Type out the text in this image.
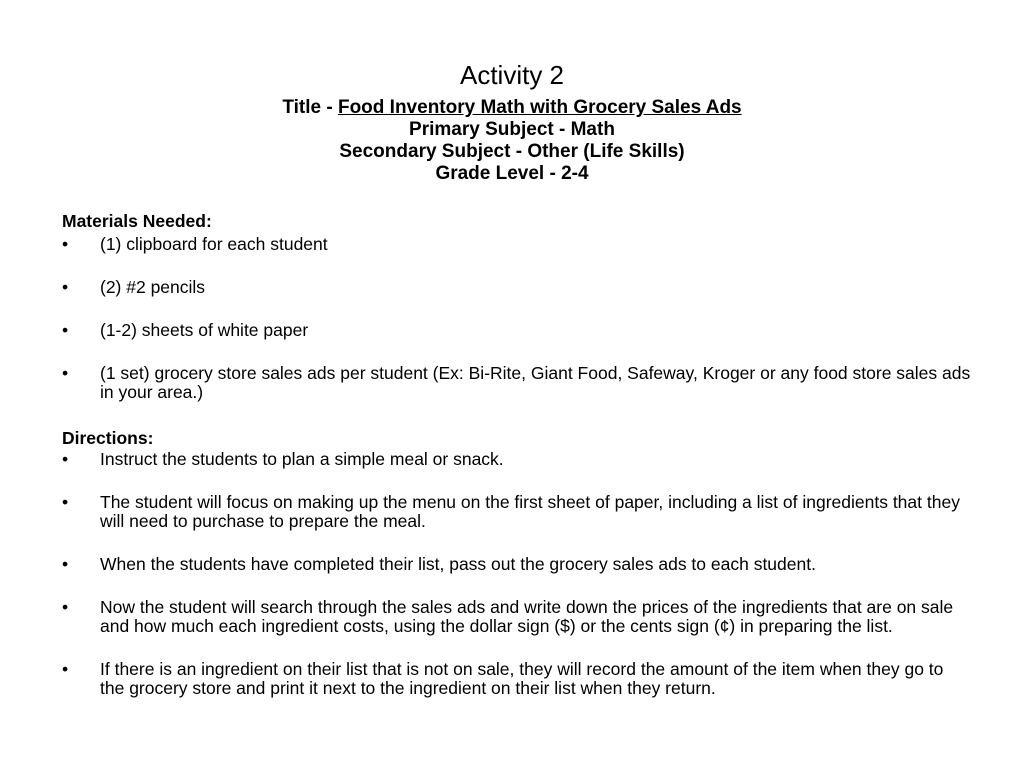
Activity 2
Title - Food Inventory Math with Grocery Sales Ads
Primary Subject - Math
Secondary Subject - Other (Life Skills)
Grade Level - 2-4

Materials Needed:

• (1) clipboard for each student
• (2) #2 pencils
• (1-2) sheets of white paper
• (1 set) grocery store sales ads per student (Ex: Bi-Rite, Giant Food, Safeway, Kroger or any food store sales ads in your area.)

Directions:

• Instruct the students to plan a simple meal or snack.
• The student will focus on making up the menu on the first sheet of paper, including a list of ingredients that they will need to purchase to prepare the meal.
• When the students have completed their list, pass out the grocery sales ads to each student.
• Now the student will search through the sales ads and write down the prices of the ingredients that are on sale and how much each ingredient costs, using the dollar sign ($) or the cents sign (¢) in preparing the list.
• If there is an ingredient on their list that is not on sale, they will record the amount of the item when they go to the grocery store and print it next to the ingredient on their list when they return.
